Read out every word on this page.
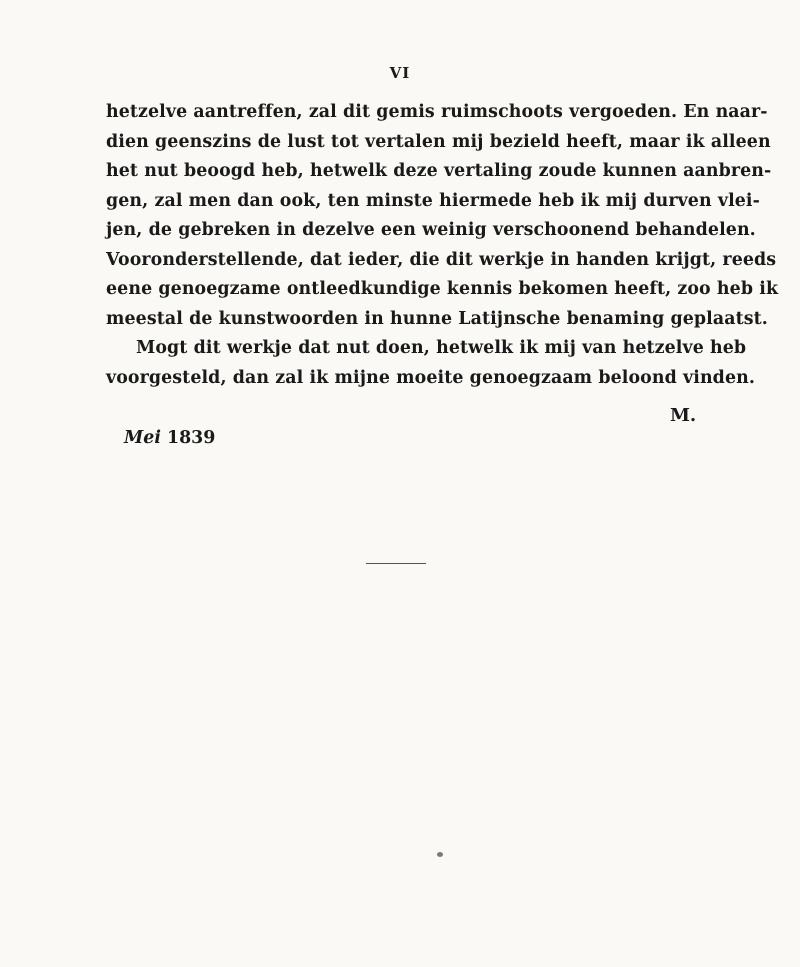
VI
hetzelve aantreffen, zal dit gemis ruimschoots vergoeden. En naar-
dien geenszins de lust tot vertalen mij bezield heeft, maar ik alleen
het nut beoogd heb, hetwelk deze vertaling zoude kunnen aanbren-
gen, zal men dan ook, ten minste hiermede heb ik mij durven vlei-
jen, de gebreken in dezelve een weinig verschoonend behandelen.
Vooronderstellende, dat ieder, die dit werkje in handen krijgt, reeds
eene genoegzame ontleedkundige kennis bekomen heeft, zoo heb ik
meestal de kunstwoorden in hunne Latijnsche benaming geplaatst.
Mogt dit werkje dat nut doen, hetwelk ik mij van hetzelve heb
voorgesteld, dan zal ik mijne moeite genoegzaam beloond vinden.
M.
Mei 1839
